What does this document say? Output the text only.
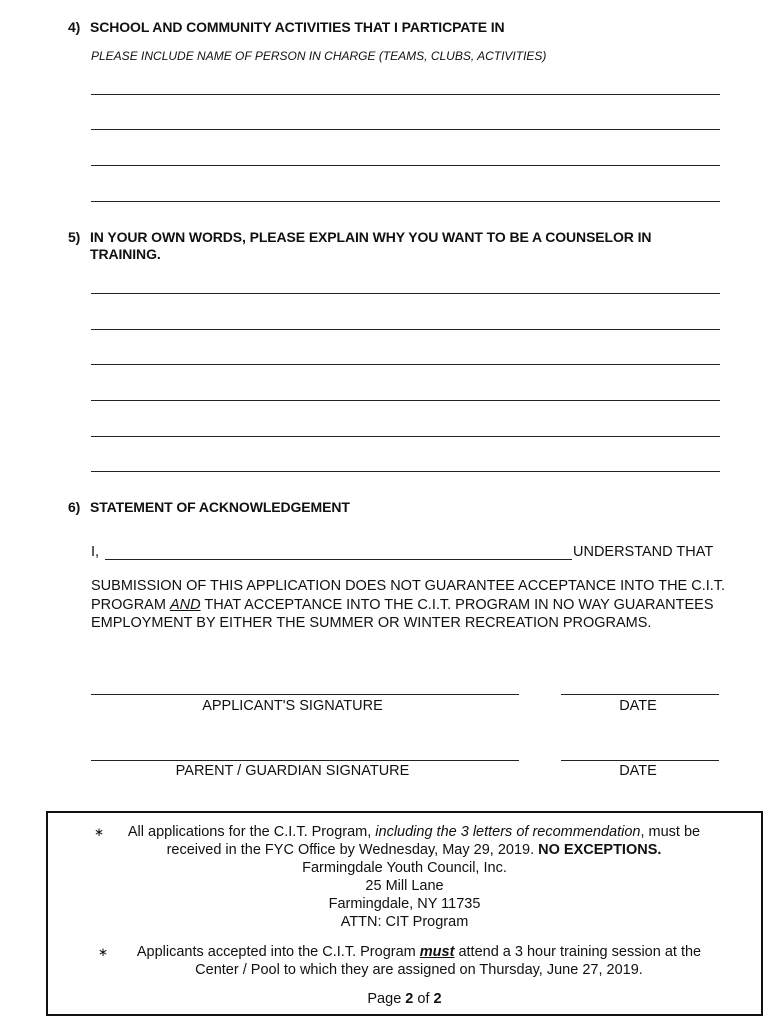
4) SCHOOL AND COMMUNITY ACTIVITIES THAT I PARTICPATE IN
PLEASE INCLUDE NAME OF PERSON IN CHARGE (TEAMS, CLUBS, ACTIVITIES)
5) IN YOUR OWN WORDS, PLEASE EXPLAIN WHY YOU WANT TO BE A COUNSELOR IN TRAINING.
6) STATEMENT OF ACKNOWLEDGEMENT
I,	UNDERSTAND THAT
SUBMISSION OF THIS APPLICATION DOES NOT GUARANTEE ACCEPTANCE INTO THE C.I.T. PROGRAM AND THAT ACCEPTANCE INTO THE C.I.T. PROGRAM IN NO WAY GUARANTEES EMPLOYMENT BY EITHER THE SUMMER OR WINTER RECREATION PROGRAMS.
APPLICANT'S SIGNATURE	DATE
PARENT / GUARDIAN SIGNATURE	DATE
∗	All applications for the C.I.T. Program, including the 3 letters of recommendation, must be received in the FYC Office by Wednesday, May 29, 2019. NO EXCEPTIONS.

Farmingdale Youth Council, Inc.

25 Mill Lane

Farmingdale, NY 11735

ATTN: CIT Program

∗	Applicants accepted into the C.I.T. Program must attend a 3 hour training session at the Center / Pool to which they are assigned on Thursday, June 27, 2019.

Page 2 of 2
